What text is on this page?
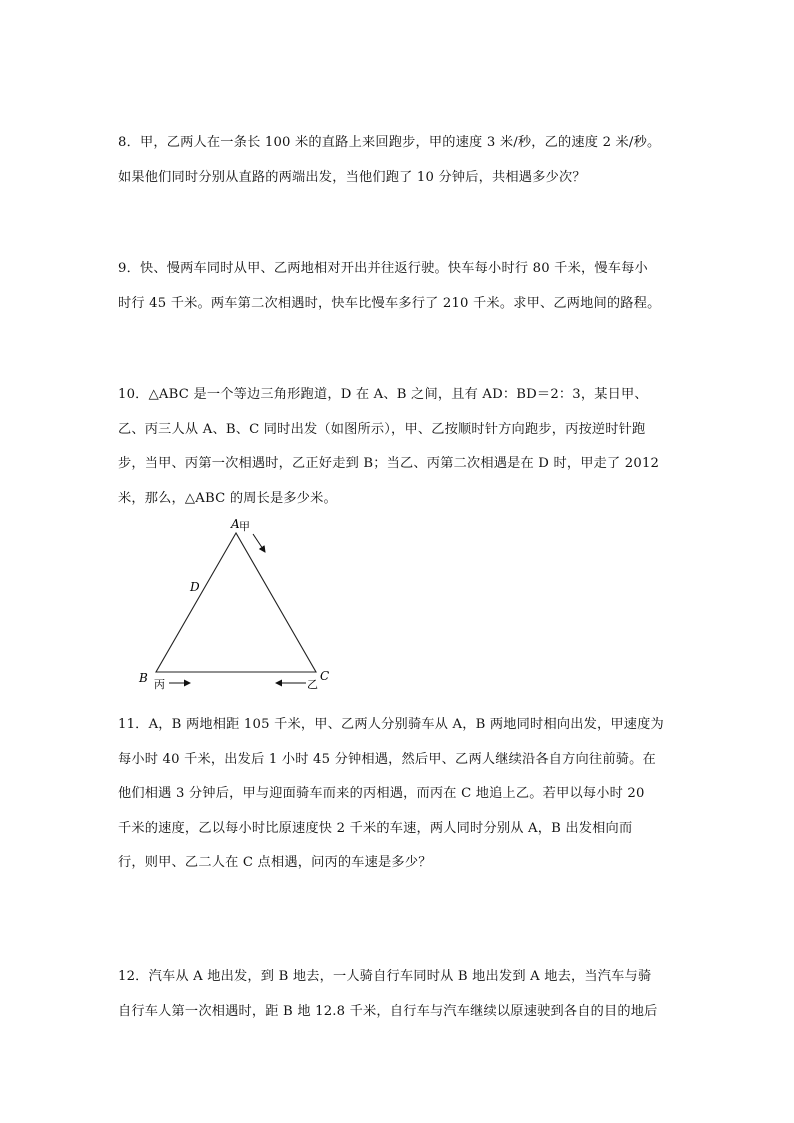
8．甲，乙两人在一条长 100 米的直路上来回跑步，甲的速度 3 米/秒，乙的速度 2 米/秒。

如果他们同时分别从直路的两端出发，当他们跑了 10 分钟后，共相遇多少次？

9．快、慢两车同时从甲、乙两地相对开出并往返行驶。快车每小时行 80 千米，慢车每小

时行 45 千米。两车第二次相遇时，快车比慢车多行了 210 千米。求甲、乙两地间的路程。

10．△ABC 是一个等边三角形跑道，D 在 A、B 之间，且有 AD：BD＝2：3，某日甲、

乙、丙三人从 A、B、C 同时出发（如图所示），甲、乙按顺时针方向跑步，丙按逆时针跑

步，当甲、丙第一次相遇时，乙正好走到 B；当乙、丙第二次相遇是在 D 时，甲走了 2012

米，那么，△ABC 的周长是多少米。

A 甲
D
B 丙	乙
C

11．A，B 两地相距 105 千米，甲、乙两人分别骑车从 A，B 两地同时相向出发，甲速度为

每小时 40 千米，出发后 1 小时 45 分钟相遇，然后甲、乙两人继续沿各自方向往前骑。在

他们相遇 3 分钟后，甲与迎面骑车而来的丙相遇，而丙在 C 地追上乙。若甲以每小时 20

千米的速度，乙以每小时比原速度快 2 千米的车速，两人同时分别从 A，B 出发相向而

行，则甲、乙二人在 C 点相遇，问丙的车速是多少？

12．汽车从 A 地出发，到 B 地去，一人骑自行车同时从 B 地出发到 A 地去，当汽车与骑

自行车人第一次相遇时，距 B 地 12.8 千米，自行车与汽车继续以原速驶到各自的目的地后
